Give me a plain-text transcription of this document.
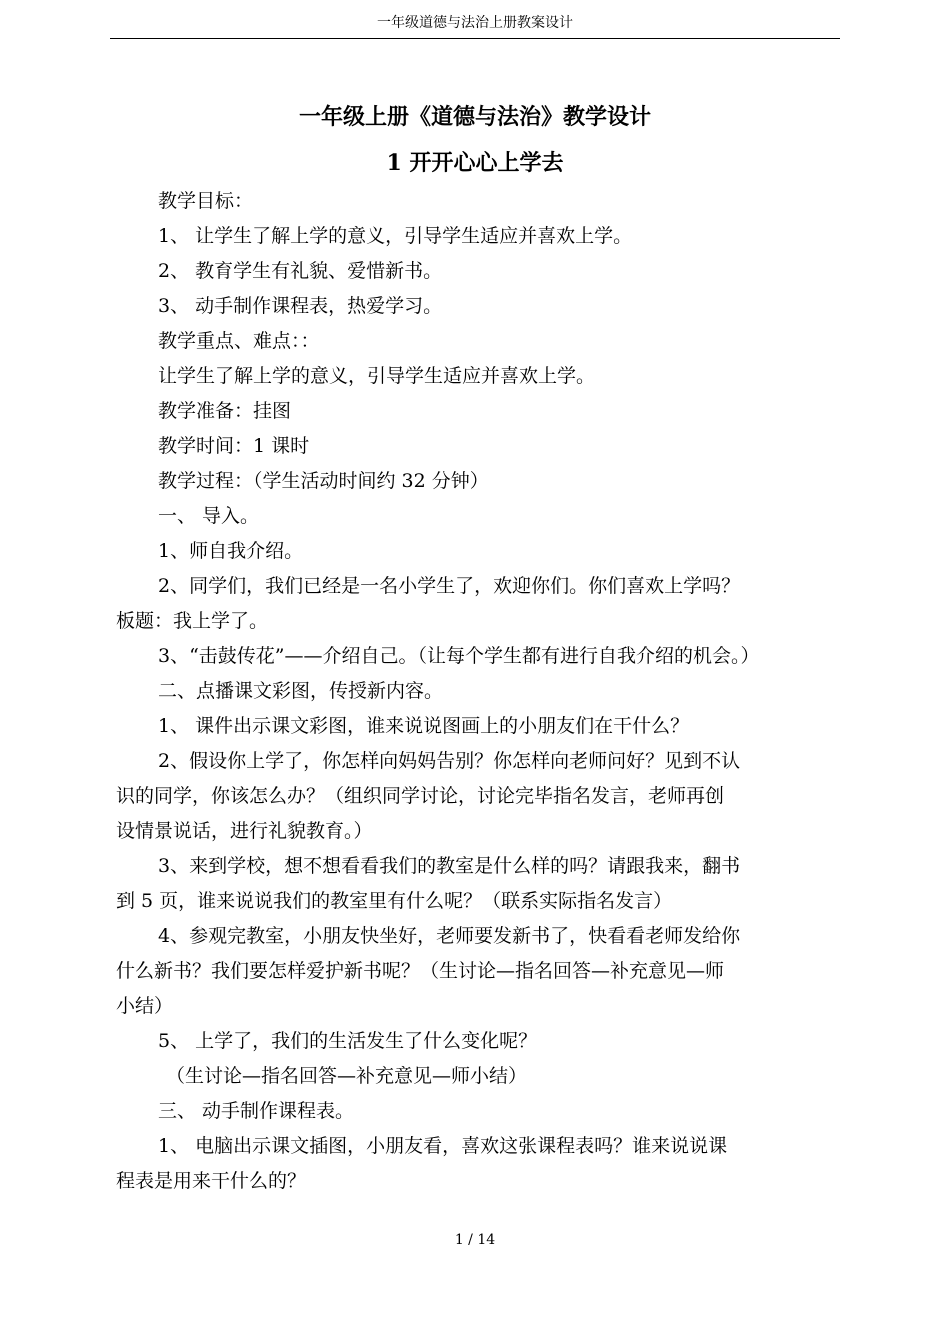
一年级道德与法治上册教案设计
一年级上册《道德与法治》教学设计
1 开开心心上学去

教学目标：

1、 让学生了解上学的意义，引导学生适应并喜欢上学。

2、 教育学生有礼貌、爱惜新书。

3、 动手制作课程表，热爱学习。

教学重点、难点：：

让学生了解上学的意义，引导学生适应并喜欢上学。

教学准备：挂图

教学时间：1 课时

教学过程：（学生活动时间约 32 分钟）

一、 导入。

1、师自我介绍。

2、同学们，我们已经是一名小学生了，欢迎你们。你们喜欢上学吗？

板题：我上学了。

3、“击鼓传花”——介绍自己。（让每个学生都有进行自我介绍的机会。）

二、点播课文彩图，传授新内容。

1、 课件出示课文彩图，谁来说说图画上的小朋友们在干什么？

2、假设你上学了，你怎样向妈妈告别？你怎样向老师问好？见到不认

识的同学，你该怎么办？（组织同学讨论，讨论完毕指名发言，老师再创

设情景说话，进行礼貌教育。）

3、来到学校，想不想看看我们的教室是什么样的吗？请跟我来，翻书

到 5 页，谁来说说我们的教室里有什么呢？（联系实际指名发言）

4、参观完教室，小朋友快坐好，老师要发新书了，快看看老师发给你

什么新书？我们要怎样爱护新书呢？（生讨论—指名回答—补充意见—师

小结）

5、 上学了，我们的生活发生了什么变化呢？

（生讨论—指名回答—补充意见—师小结）

三、 动手制作课程表。

1、 电脑出示课文插图，小朋友看，喜欢这张课程表吗？谁来说说课

程表是用来干什么的？

1 / 14
